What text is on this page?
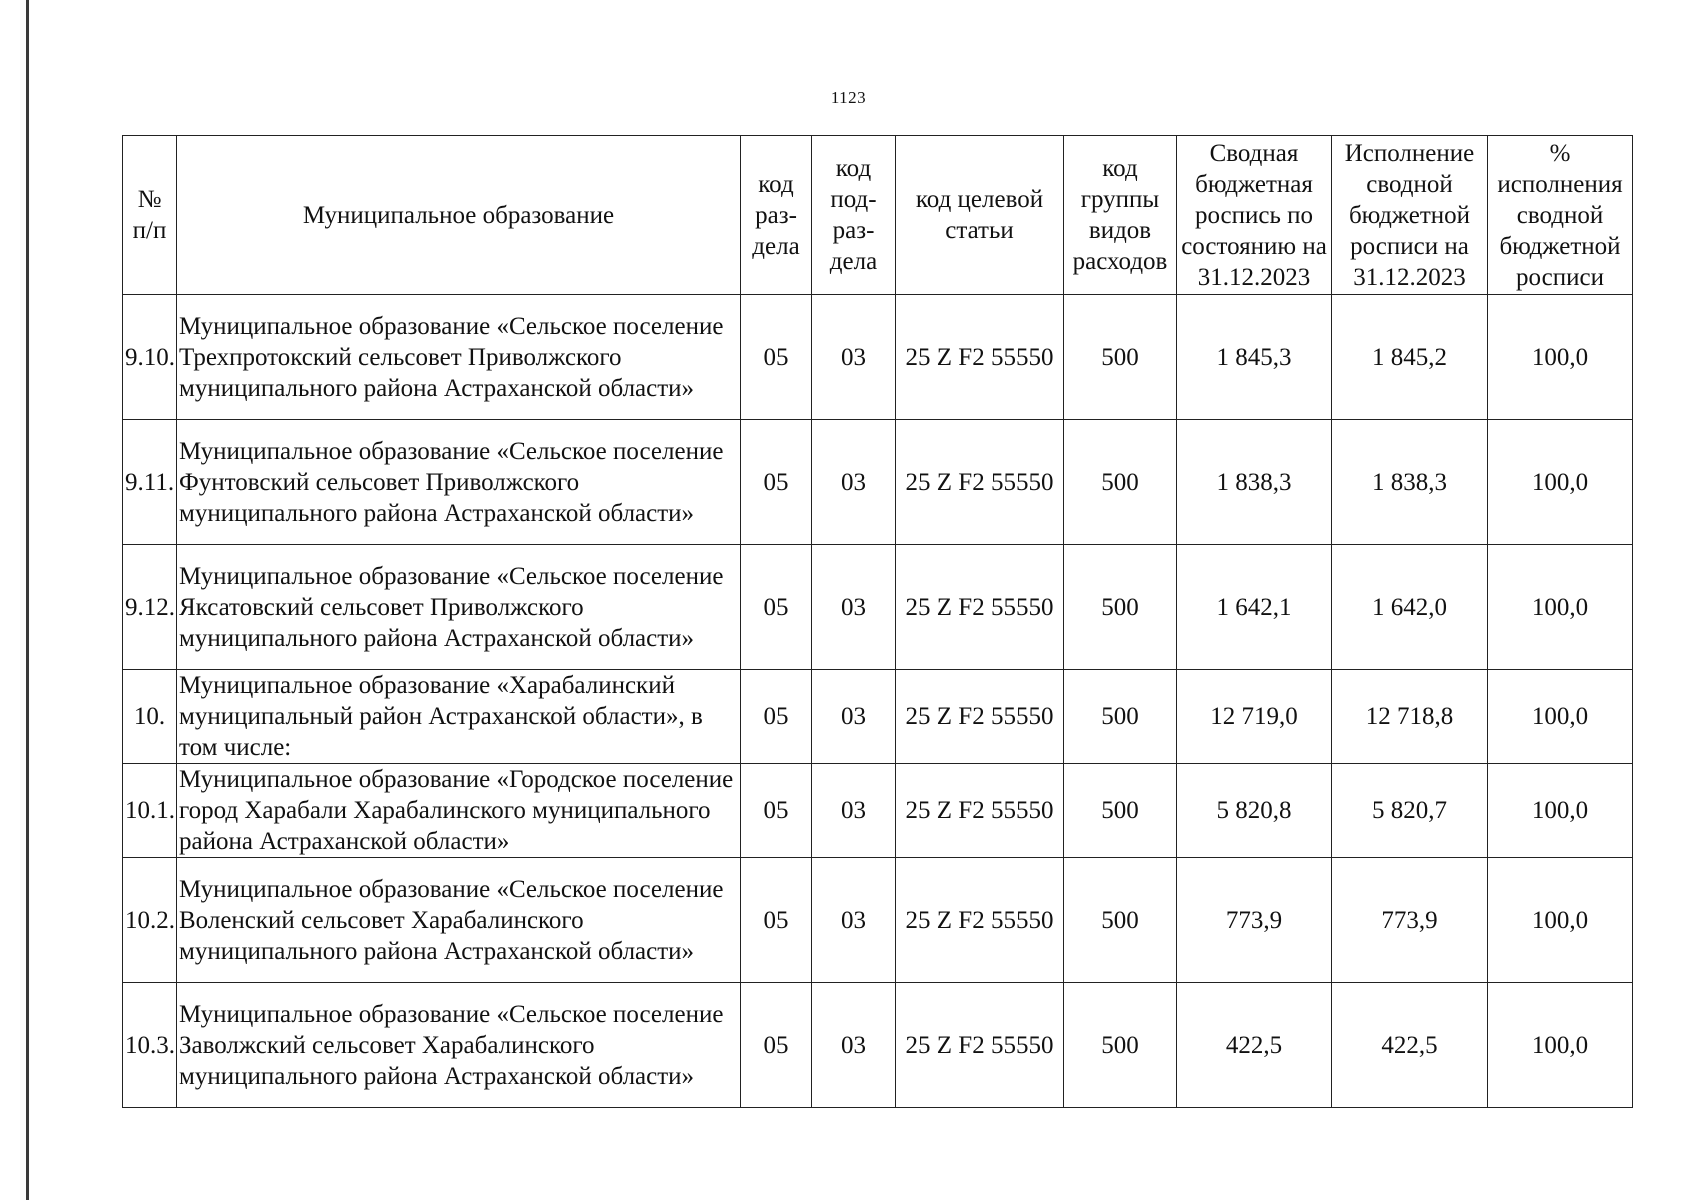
1123
№ п/п	Муниципальное образование	код раз-дела	код под-раз-дела	код целевой статьи	код группы видов расходов	Сводная бюджетная роспись по состоянию на 31.12.2023	Исполнение сводной бюджетной росписи на 31.12.2023	% исполнения сводной бюджетной росписи
9.10.	Муниципальное образование «Сельское поселение Трехпротокский сельсовет Приволжского муниципального района Астраханской области»	05	03	25 Z F2 55550	500	1 845,3	1 845,2	100,0
9.11.	Муниципальное образование «Сельское поселение Фунтовский сельсовет Приволжского муниципального района Астраханской области»	05	03	25 Z F2 55550	500	1 838,3	1 838,3	100,0
9.12.	Муниципальное образование «Сельское поселение Яксатовский сельсовет Приволжского муниципального района Астраханской области»	05	03	25 Z F2 55550	500	1 642,1	1 642,0	100,0
10.	Муниципальное образование «Харабалинский муниципальный район Астраханской области», в том числе:	05	03	25 Z F2 55550	500	12 719,0	12 718,8	100,0
10.1.	Муниципальное образование «Городское поселение город Харабали Харабалинского муниципального района Астраханской области»	05	03	25 Z F2 55550	500	5 820,8	5 820,7	100,0
10.2.	Муниципальное образование «Сельское поселение Воленский сельсовет Харабалинского муниципального района Астраханской области»	05	03	25 Z F2 55550	500	773,9	773,9	100,0
10.3.	Муниципальное образование «Сельское поселение Заволжский сельсовет Харабалинского муниципального района Астраханской области»	05	03	25 Z F2 55550	500	422,5	422,5	100,0
